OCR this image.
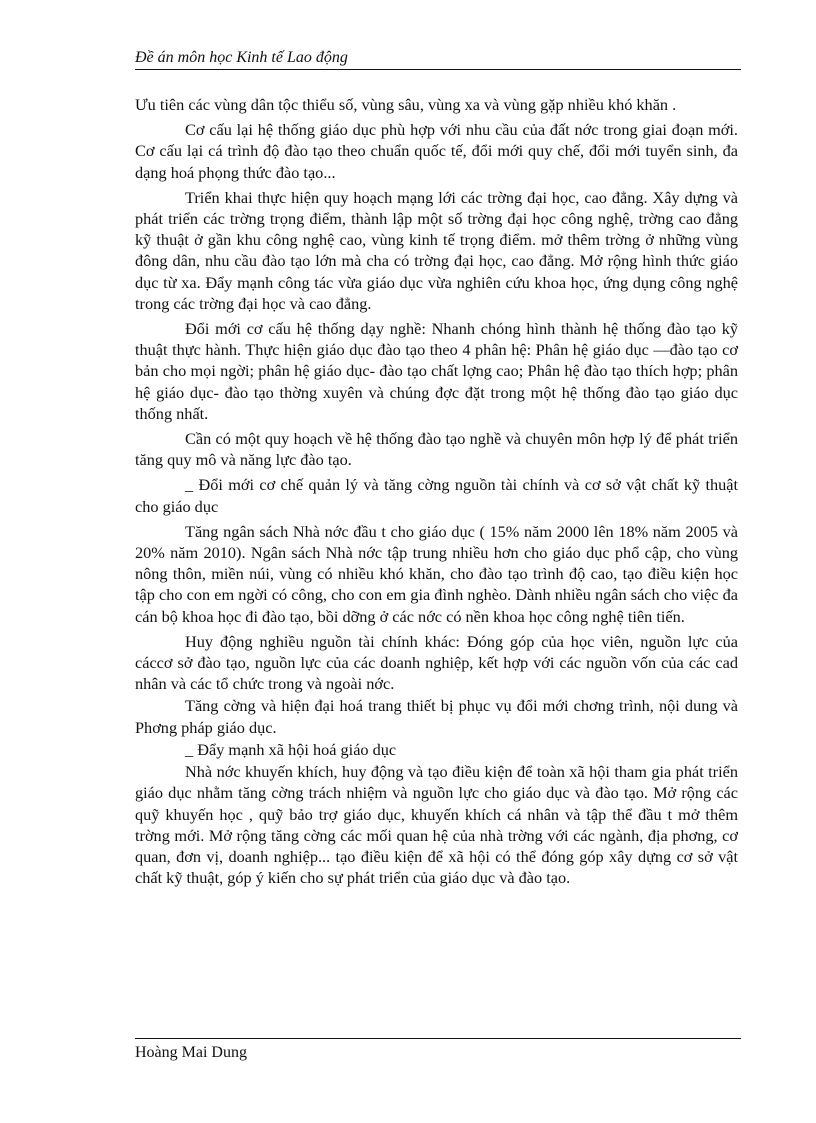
Đề án môn học Kinh tế Lao động

Ưu tiên các vùng dân tộc thiểu số, vùng sâu, vùng xa và vùng gặp nhiều khó khăn .

Cơ cấu lại hệ thống giáo dục phù hợp với nhu cầu của đất nớc trong giai đoạn mới. Cơ cấu lại cá trình độ đào tạo theo chuẩn quốc tế, đổi mới quy chế, đổi mới tuyển sinh, đa dạng hoá phọng thức đào tạo...

Triển khai thực hiện quy hoạch mạng lới các trờng đại học, cao đẳng. Xây dựng và phát triển các trờng trọng điểm, thành lập một số trờng đại học công nghệ, trờng cao đẳng kỹ thuật ở gần khu công nghệ cao, vùng kinh tế trọng điểm. mở thêm trờng ở những vùng đông dân, nhu cầu đào tạo lớn mà cha có trờng đại học, cao đẳng. Mở rộng hình thức giáo dục từ xa. Đẩy mạnh công tác vừa giáo dục vừa nghiên cứu khoa học, ứng dụng công nghệ trong các trờng đại học và cao đẳng.

Đổi mới cơ cấu hệ thống dạy nghề: Nhanh chóng hình thành hệ thống đào tạo kỹ thuật thực hành. Thực hiện giáo dục đào tạo theo 4 phân hệ: Phân hệ giáo dục —đào tạo cơ bản cho mọi ngời; phân hệ giáo dục- đào tạo chất lợng cao; Phân hệ đào tạo thích hợp; phân hệ giáo dục- đào tạo thờng xuyên và chúng đợc đặt trong một hệ thống đào tạo giáo dục thống nhất.

Cần có một quy hoạch về hệ thống đào tạo nghề và chuyên môn hợp lý để phát triển tăng quy mô và năng lực đào tạo.

_ Đổi mới cơ chế quản lý và tăng cờng nguồn tài chính và cơ sở vật chất kỹ thuật cho giáo dục

Tăng ngân sách Nhà nớc đầu t cho giáo dục ( 15% năm 2000 lên 18% năm 2005 và 20% năm 2010). Ngân sách Nhà nớc tập trung nhiều hơn cho giáo dục phổ cập, cho vùng nông thôn, miền núi, vùng có nhiều khó khăn, cho đào tạo trình độ cao, tạo điều kiện học tập cho con em ngời có công, cho con em gia đình nghèo. Dành nhiều ngân sách cho việc đa cán bộ khoa học đi đào tạo, bồi dỡng ở các nớc có nền khoa học công nghệ tiên tiến.

Huy động nghiều nguồn tài chính khác: Đóng góp của học viên, nguồn lực của cáccơ sở đào tạo, nguồn lực của các doanh nghiệp, kết hợp với các nguồn vốn của các cad nhân và các tổ chức trong và ngoài nớc.

Tăng cờng và hiện đại hoá trang thiết bị phục vụ đổi mới chơng trình, nội dung và Phơng pháp giáo dục.

_ Đẩy mạnh xã hội hoá giáo dục

Nhà nớc khuyến khích, huy động và tạo điều kiện để toàn xã hội tham gia phát triển giáo dục nhằm tăng cờng trách nhiệm và nguồn lực cho giáo dục và đào tạo. Mở rộng các quỹ khuyến học , quỹ bảo trợ giáo dục, khuyến khích cá nhân và tập thể đầu t mở thêm trờng mới. Mở rộng tăng cờng các mối quan hệ của nhà trờng với các ngành, địa phơng, cơ quan, đơn vị, doanh nghiệp... tạo điều kiện để xã hội có thể đóng góp xây dựng cơ sở vật chất kỹ thuật, góp ý kiến cho sự phát triển của giáo dục và đào tạo.

Hoàng Mai Dung
